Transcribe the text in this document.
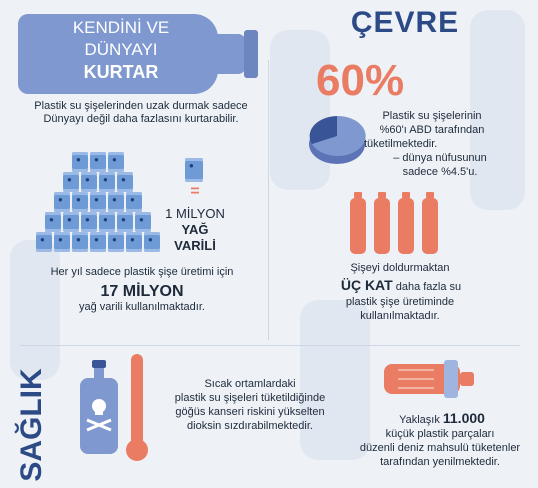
KENDİNİ VE
DÜNYAYI
KURTAR
Plastik su şişelerinden uzak durmak sadece Dünyayı değil daha fazlasını kurtarabilir.
●
●
●
●
●
●
●
●
●
●
●
●
●
●
●
●
●
●
●
●
●
●
●
●
●
●
=
1 MİLYON
YAĞ
VARİLİ
Her yıl sadece plastik şişe üretimi için
17 MİLYON
yağ varili kullanılmaktadır.
ÇEVRE
60%
Plastik su şişelerinin
%60'ı ABD tarafından
tüketilmektedir.
– dünya nüfusunun
sadece %4.5'u.
Şişeyi doldurmaktan
ÜÇ KAT daha fazla su
plastik şişe üretiminde
kullanılmaktadır.
SAĞLIK	Sıcak ortamlardaki
plastik su şişeleri tüketildiğinde
göğüs kanseri riskini yükselten
dioksin sızdırabilmektedir.	Yaklaşık 11.000
küçük plastik parçaları
düzenli deniz mahsulü tüketenler
tarafından yenilmektedir.
